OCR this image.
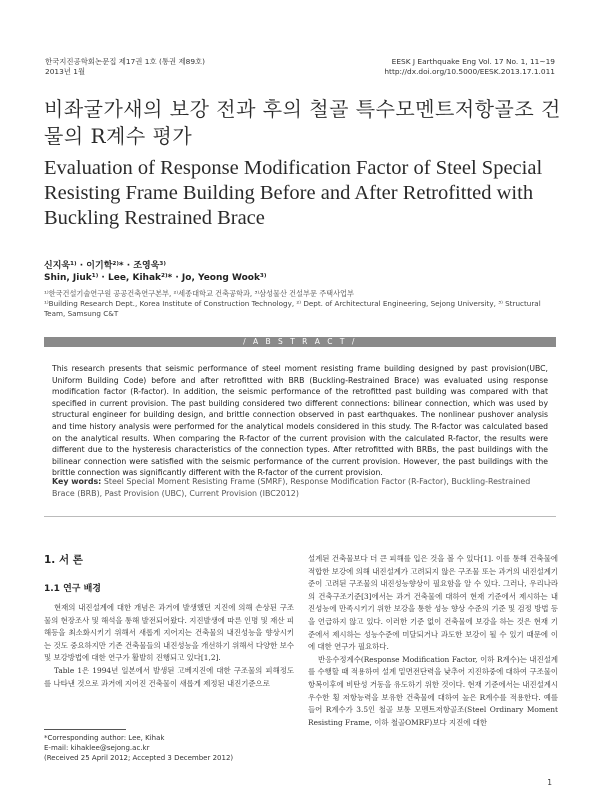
한국지진공학회논문집 제17권 1호 (통권 제89호)
2013년 1월
EESK J Earthquake Eng Vol. 17 No. 1, 11~19
http://dx.doi.org/10.5000/EESK.2013.17.1.011
비좌굴가새의 보강 전과 후의 철골 특수모멘트저항골조 건물의 R계수 평가
Evaluation of Response Modification Factor of Steel Special Resisting Frame Building Before and After Retrofitted with Buckling Restrained Brace
신지욱¹⁾ · 이기학²⁾* · 조영욱³⁾
Shin, Jiuk¹⁾ · Lee, Kihak²⁾* · Jo, Yeong Wook³⁾
¹⁾한국건설기술연구원 공공건축연구본부, ²⁾세종대학교 건축공학과, ³⁾삼성물산 건설부문 주택사업부
¹⁾Building Research Dept., Korea Institute of Construction Technology, ²⁾ Dept. of Architectural Engineering, Sejong University, ³⁾ Structural Team, Samsung C&T
/ A B S T R A C T /
This research presents that seismic performance of steel moment resisting frame building designed by past provision(UBC, Uniform Building Code) before and after retrofitted with BRB (Buckling-Restrained Brace) was evaluated using response modification factor (R-factor). In addition, the seismic performance of the retrofitted past building was compared with that specified in current provision. The past building considered two different connections: bilinear connection, which was used by structural engineer for building design, and brittle connection observed in past earthquakes. The nonlinear pushover analysis and time history analysis were performed for the analytical models considered in this study. The R-factor was calculated based on the analytical results. When comparing the R-factor of the current provision with the calculated R-factor, the results were different due to the hysteresis characteristics of the connection types. After retrofitted with BRBs, the past buildings with the bilinear connection were satisfied with the seismic performance of the current provision. However, the past buildings with the brittle connection was significantly different with the R-factor of the current provision.
Key words: Steel Special Moment Resisting Frame (SMRF), Response Modification Factor (R-Factor), Buckling-Restrained Brace (BRB), Past Provision (UBC), Current Provision (IBC2012)
1. 서 론
1.1 연구 배경

현재의 내진설계에 대한 개념은 과거에 발생했던 지진에 의해 손상된 구조물의 현장조사 및 해석을 통해 발전되어왔다. 지진발생에 따른 인명 및 재산 피해등을 최소화시키기 위해서 새롭게 지어지는 건축물의 내진성능을 향상시키는 것도 중요하지만 기존 건축물들의 내진성능을 개선하기 위해서 다양한 보수 및 보강방법에 대한 연구가 활발히 진행되고 있다[1,2].

Table 1은 1994년 일본에서 발생된 고베지진에 대한 구조물의 피해정도를 나타낸 것으로 과거에 지어진 건축물이 새롭게 제정된 내진기준으로

설계된 건축물보다 더 큰 피해를 입은 것을 볼 수 있다[1]. 이를 통해 건축물에 적합한 보강에 의해 내진설계가 고려되지 않은 구조물 또는 과거의 내진설계기준이 고려된 구조물의 내진성능향상이 필요함을 알 수 있다. 그러나, 우리나라의 건축구조기준[3]에서는 과거 건축물에 대하여 현재 기준에서 제시하는 내진성능에 만족시키기 위한 보강을 통한 성능 향상 수준의 기준 및 검정 방법 등을 언급하지 않고 있다. 이러한 기준 없이 건축물에 보강을 하는 것은 현재 기준에서 제시하는 성능수준에 미달되거나 과도한 보강이 될 수 있기 때문에 이에 대한 연구가 필요하다.

반응수정계수(Response Modification Factor, 이하 R계수)는 내진설계를 수행할 때 적용하여 설계 밑면전단력을 낮추어 지진하중에 대하여 구조물이 항복이후에 비탄성 거동을 유도하기 위한 것이다. 현재 기준에서는 내진설계시 우수한 횡 저항능력을 보유한 건축물에 대하여 높은 R계수를 적용한다. 예를 들어 R계수가 3.5인 철골 보통 모멘트저항골조(Steel Ordinary Moment Resisting Frame, 이하 철골OMRF)보다 지진에 대한

*Corresponding author: Lee, Kihak
E-mail: kihaklee@sejong.ac.kr
(Received 25 April 2012; Accepted 3 December 2012)
1
